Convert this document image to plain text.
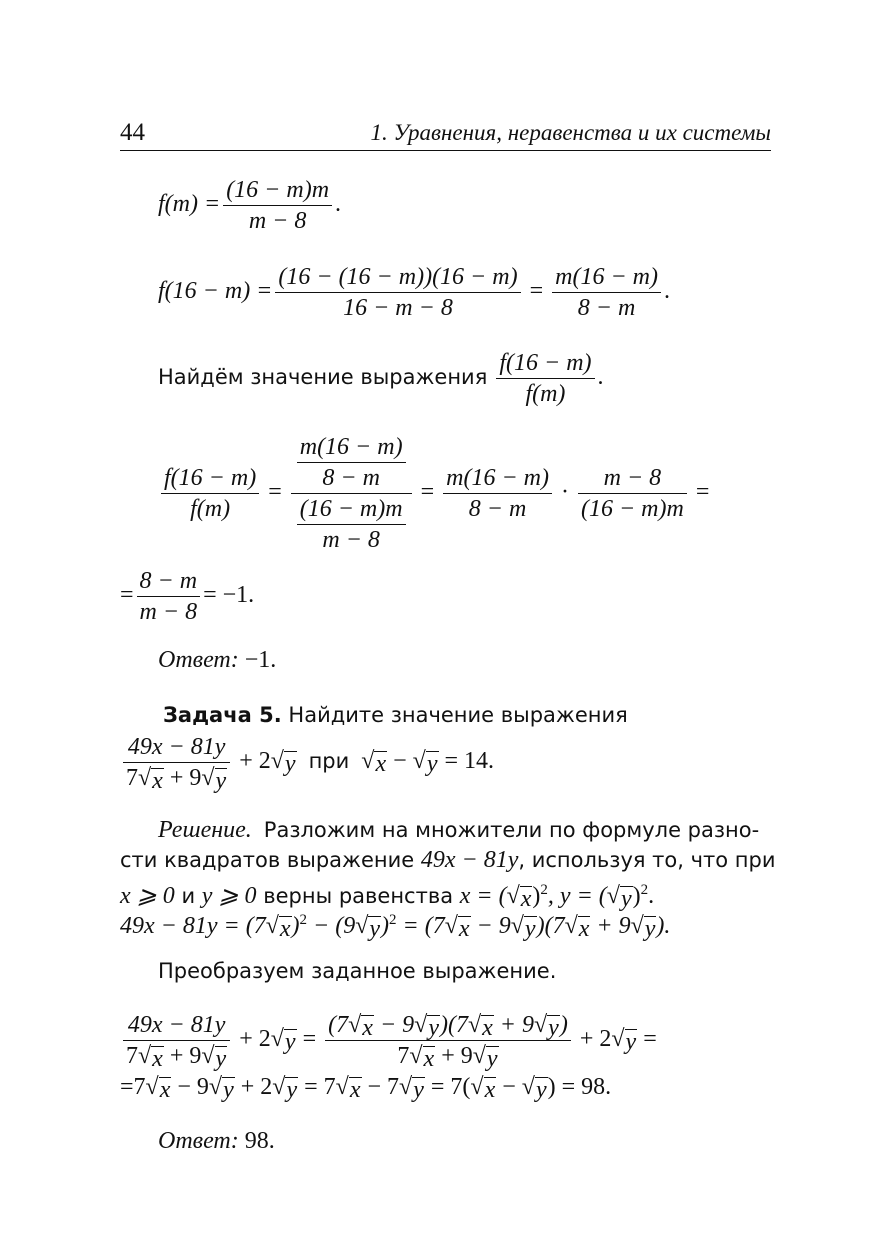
44	1. Уравнения, неравенства и их системы
$f(m) = \frac{(16 - m)m}{m - 8}$ .
$f(16 - m) = \frac{(16 - (16 - m))(16 - m)}{16 - m - 8} = \frac{m(16 - m)}{8 - m}$ .
Найдём значение выражения $\frac{f(16 - m)}{f(m)}$ .
$\frac{f(16 - m)}{f(m)} = \frac{\frac{m(16 - m)}{8 - m}}{\frac{(16 - m)m}{m - 8}} = \frac{m(16 - m)}{8 - m} \cdot \frac{m - 8}{(16 - m)m}$ =
= $\frac{8 - m}{m - 8} = -1$.
Ответ: −1.
Задача 5. Найдите значение выражения
$\frac{49x - 81y}{7 √ x + 9 √ y} + 2$ √ y при √ x − √ y = 14.
Решение. Разложим на множители по формуле разно-
сти квадратов выражение 49x − 81y, используя то, что при
x ⩾ 0 и y ⩾ 0 верны равенства x = ( √ x )$^2$, y = ( √ y )$^2$.
49x − 81y = (7 √ x )$^2$ − (9 √ y )$^2$ = (7 √ x − 9 √ y )(7 √ x + 9 √ y ).
Преобразуем заданное выражение.
$\frac{49x - 81y}{7 √ x + 9 √ y} + 2$ √ $y = \frac{(7 √ x - 9 √ y )(7 √ x + 9 √ y )}{7 √ x + 9 √ y} + 2$ √ y =
=7 √ x − 9 √ y + 2 √ y = 7 √ x − 7 √ y = 7( √ x − √ y ) = 98.
Ответ: 98.
